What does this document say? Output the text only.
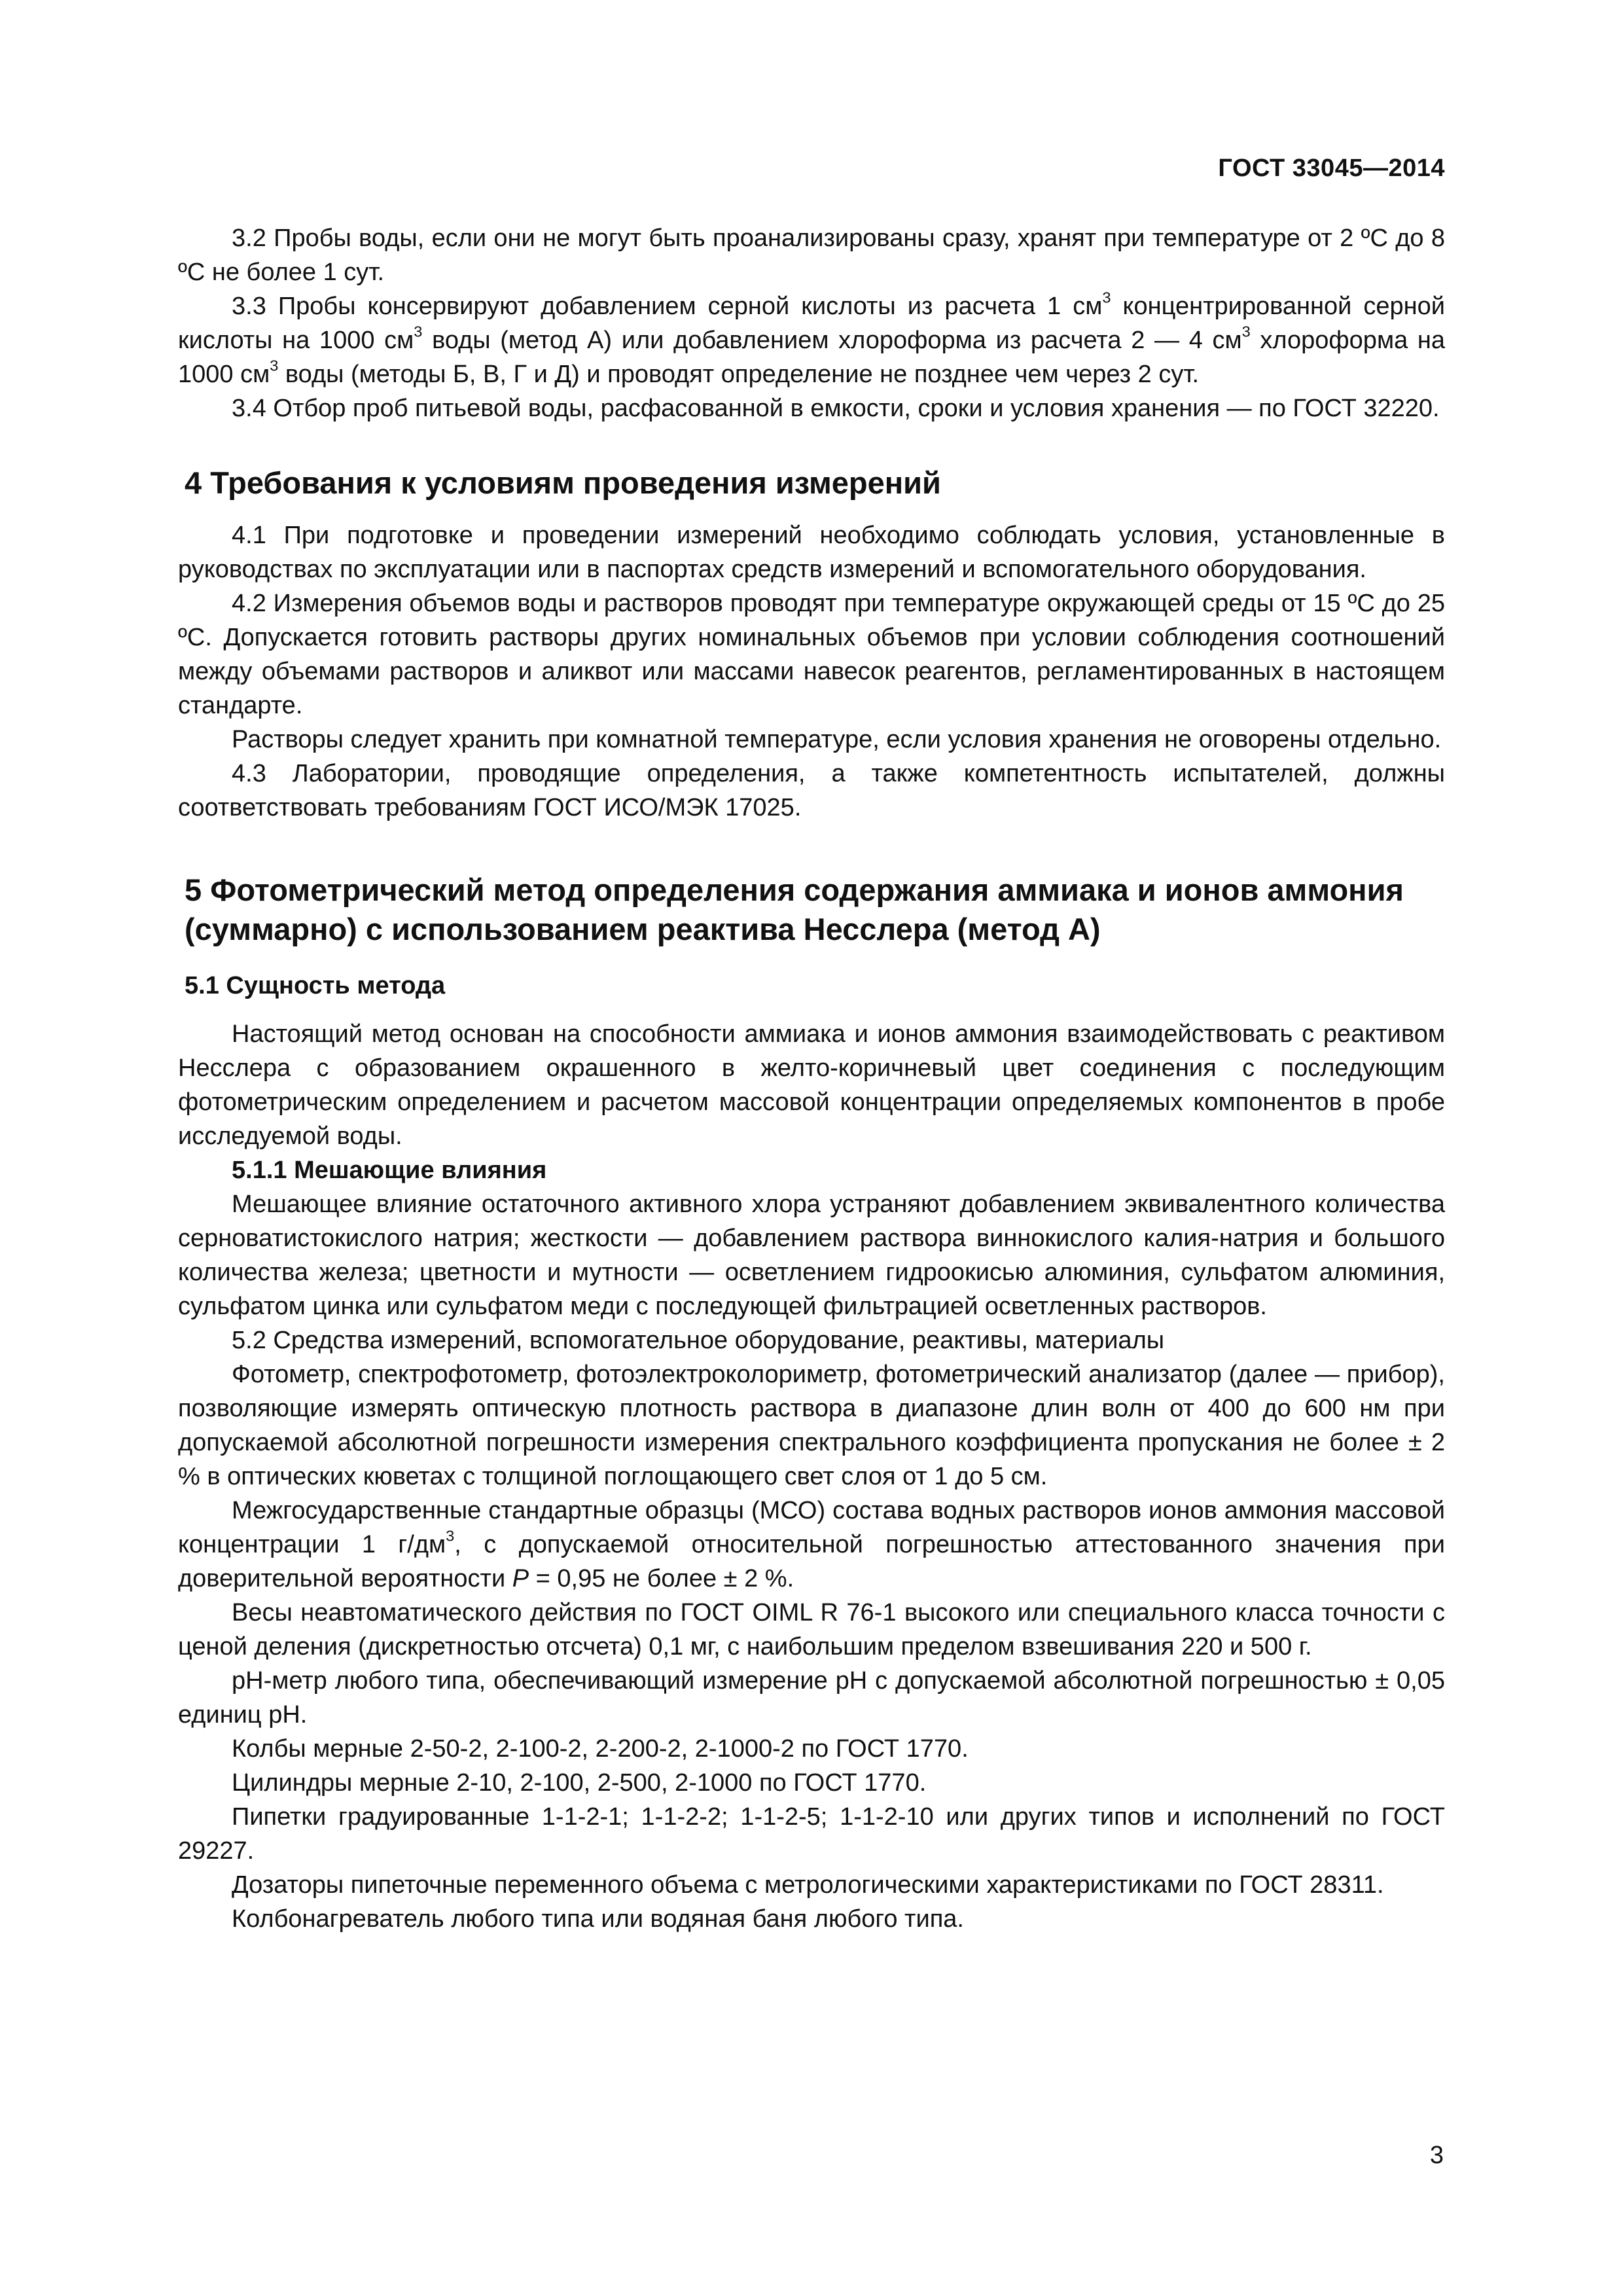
ГОСТ 33045—2014

3.2 Пробы воды, если они не могут быть проанализированы сразу, хранят при температуре от 2 ºС до 8 ºС не более 1 сут.

3.3 Пробы консервируют добавлением серной кислоты из расчета 1 $см^3$ концентрированной серной кислоты на 1000 $см^3$ воды (метод А) или добавлением хлороформа из расчета 2 — 4 $см^3$ хлороформа на 1000 $см^3$ воды (методы Б, В, Г и Д) и проводят определение не позднее чем через 2 сут.

3.4 Отбор проб питьевой воды, расфасованной в емкости, сроки и условия хранения — по ГОСТ 32220.

4 Требования к условиям проведения измерений

4.1 При подготовке и проведении измерений необходимо соблюдать условия, установленные в руководствах по эксплуатации или в паспортах средств измерений и вспомогательного оборудования.

4.2 Измерения объемов воды и растворов проводят при температуре окружающей среды от 15 ºС до 25 ºС. Допускается готовить растворы других номинальных объемов при условии соблюдения соотношений между объемами растворов и аликвот или массами навесок реагентов, регламентированных в настоящем стандарте.

Растворы следует хранить при комнатной температуре, если условия хранения не оговорены отдельно.

4.3 Лаборатории, проводящие определения, а также компетентность испытателей, должны соответствовать требованиям ГОСТ ИСО/МЭК 17025.

5 Фотометрический метод определения содержания аммиака и ионов аммония (суммарно) с использованием реактива Несслера (метод А)
5.1 Сущность метода

Настоящий метод основан на способности аммиака и ионов аммония взаимодействовать с реактивом Несслера с образованием окрашенного в желто-коричневый цвет соединения с последующим фотометрическим определением и расчетом массовой концентрации определяемых компонентов в пробе исследуемой воды.

5.1.1 Мешающие влияния

Мешающее влияние остаточного активного хлора устраняют добавлением эквивалентного количества серноватистокислого натрия; жесткости — добавлением раствора виннокислого калия-натрия и большого количества железа; цветности и мутности — осветлением гидроокисью алюминия, сульфатом алюминия, сульфатом цинка или сульфатом меди с последующей фильтрацией осветленных растворов.

5.2 Средства измерений, вспомогательное оборудование, реактивы, материалы

Фотометр, спектрофотометр, фотоэлектроколориметр, фотометрический анализатор (далее — прибор), позволяющие измерять оптическую плотность раствора в диапазоне длин волн от 400 до 600 нм при допускаемой абсолютной погрешности измерения спектрального коэффициента пропускания не более ± 2 % в оптических кюветах с толщиной поглощающего свет слоя от 1 до 5 см.

Межгосударственные стандартные образцы (МСО) состава водных растворов ионов аммония массовой концентрации 1 $г/дм^3$, с допускаемой относительной погрешностью аттестованного значения при доверительной вероятности Р = 0,95 не более ± 2 %.

Весы неавтоматического действия по ГОСТ OIML R 76-1 высокого или специального класса точности с ценой деления (дискретностью отсчета) 0,1 мг, с наибольшим пределом взвешивания 220 и 500 г.

рН-метр любого типа, обеспечивающий измерение рН с допускаемой абсолютной погрешностью ± 0,05 единиц рН.

Колбы мерные 2-50-2, 2-100-2, 2-200-2, 2-1000-2 по ГОСТ 1770.

Цилиндры мерные 2-10, 2-100, 2-500, 2-1000 по ГОСТ 1770.

Пипетки градуированные 1-1-2-1; 1-1-2-2; 1-1-2-5; 1-1-2-10 или других типов и исполнений по ГОСТ 29227.

Дозаторы пипеточные переменного объема с метрологическими характеристиками по ГОСТ 28311.

Колбонагреватель любого типа или водяная баня любого типа.

3
